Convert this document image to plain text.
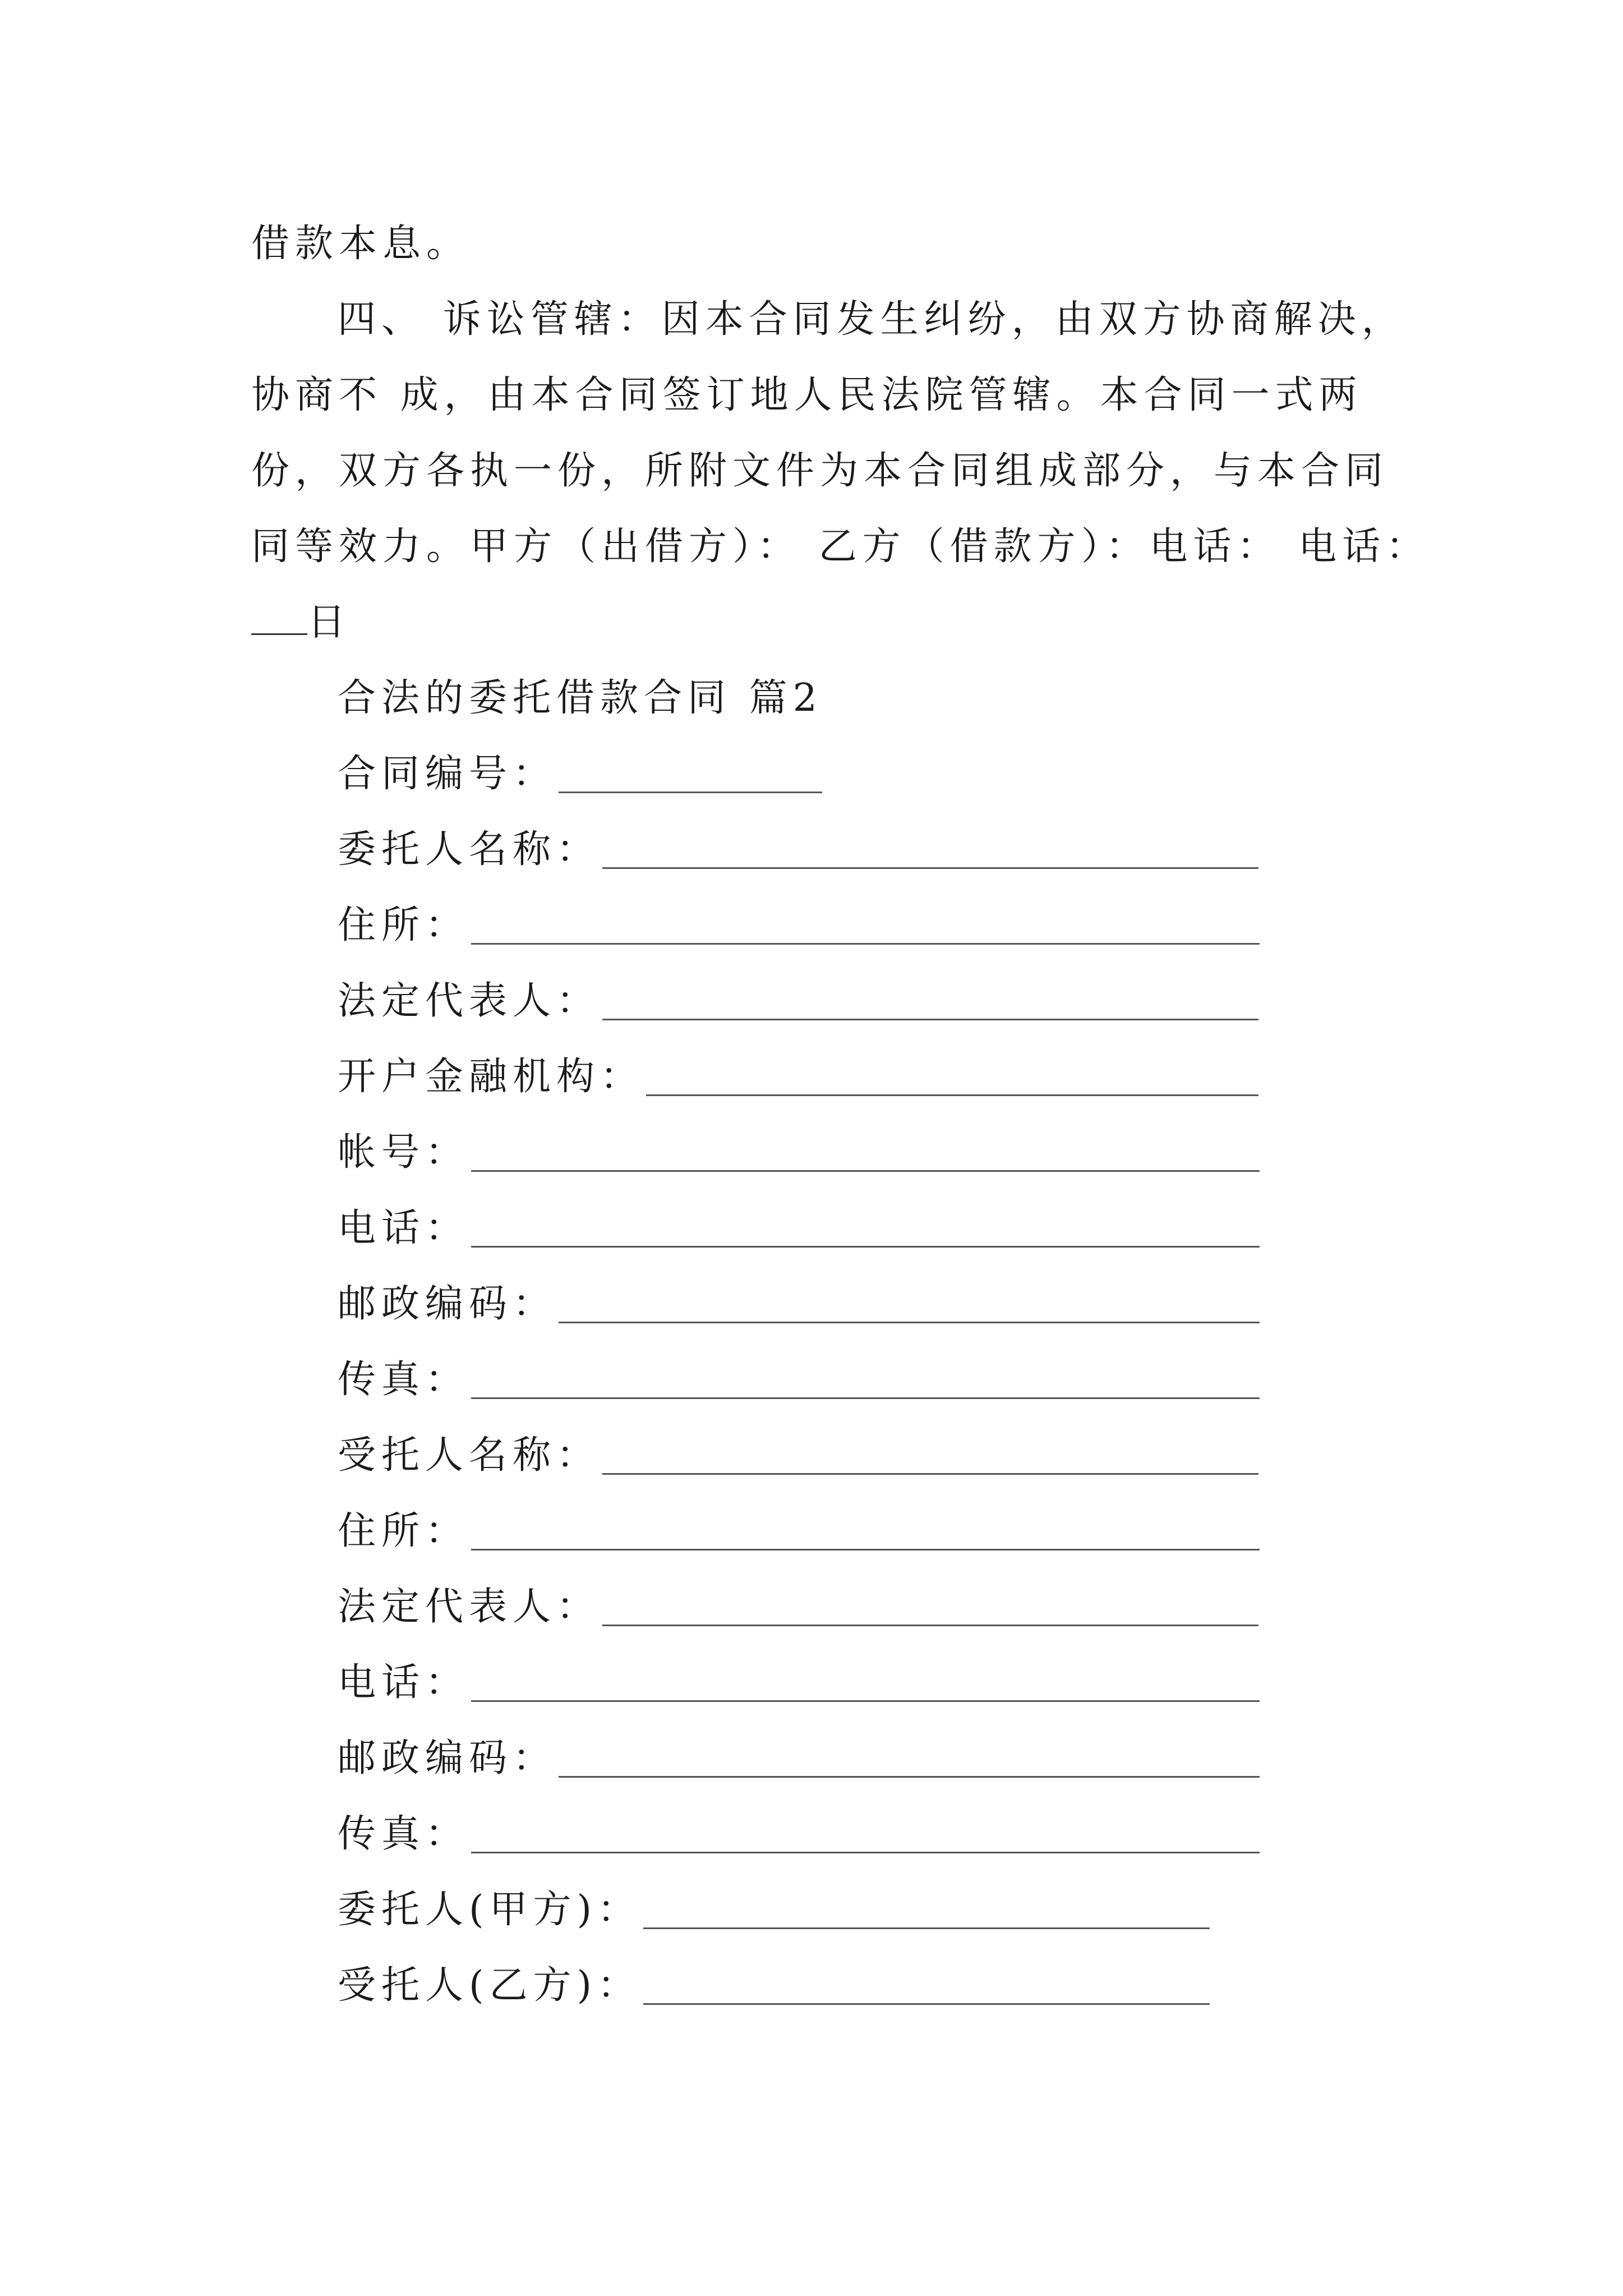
借款本息。
四、 诉讼管辖：因本合同发生纠纷，由双方协商解决，
协商不 成，由本合同签订地人民法院管辖。本合同一式两
份，双方各执一份，所附文件为本合同组成部分，与本合同
同等效力。甲方（出借方）： 乙方（借款方）：电话： 电话：
日
合法的委托借款合同 篇2
合同编号：
委托人名称：
住所：
法定代表人：
开户金融机构：
帐号：
电话：
邮政编码：
传真：
受托人名称：
住所：
法定代表人：
电话：
邮政编码：
传真：
委托人(甲方)：
受托人(乙方)：
